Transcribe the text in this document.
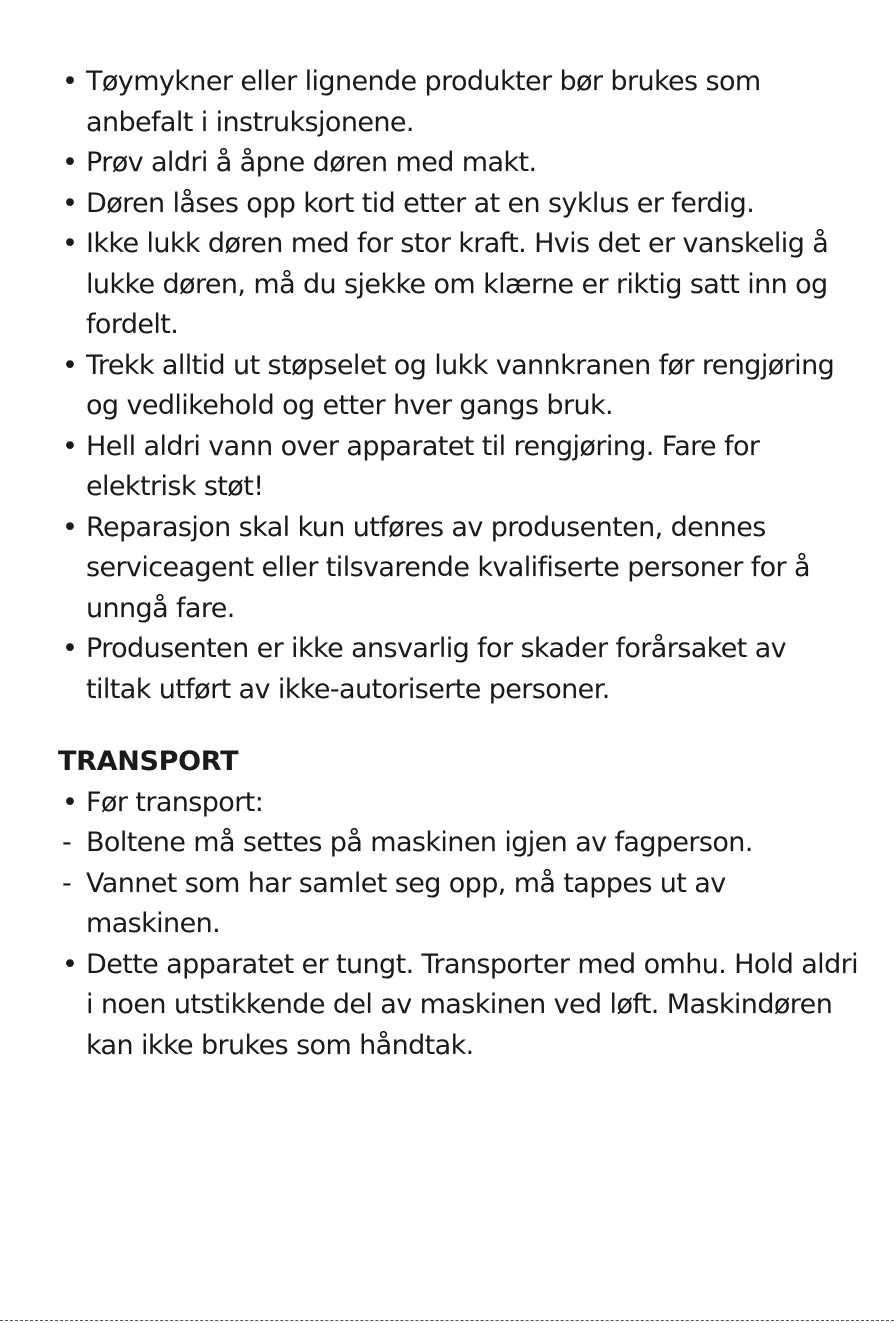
• Tøymykner eller lignende produkter bør brukes som anbefalt i instruksjonene.
• Prøv aldri å åpne døren med makt.
• Døren låses opp kort tid etter at en syklus er ferdig.
• Ikke lukk døren med for stor kraft. Hvis det er vanskelig å lukke døren, må du sjekke om klærne er riktig satt inn og fordelt.
• Trekk alltid ut støpselet og lukk vannkranen før rengjøring og vedlikehold og etter hver gangs bruk.
• Hell aldri vann over apparatet til rengjøring. Fare for elektrisk støt!
• Reparasjon skal kun utføres av produsenten, dennes serviceagent eller tilsvarende kvalifiserte personer for å unngå fare.
• Produsenten er ikke ansvarlig for skader forårsaket av tiltak utført av ikke-autoriserte personer.
TRANSPORT
• Før transport:
- Boltene må settes på maskinen igjen av fagperson.
- Vannet som har samlet seg opp, må tappes ut av maskinen.
• Dette apparatet er tungt. Transporter med omhu. Hold aldri i noen utstikkende del av maskinen ved løft. Maskindøren kan ikke brukes som håndtak.
